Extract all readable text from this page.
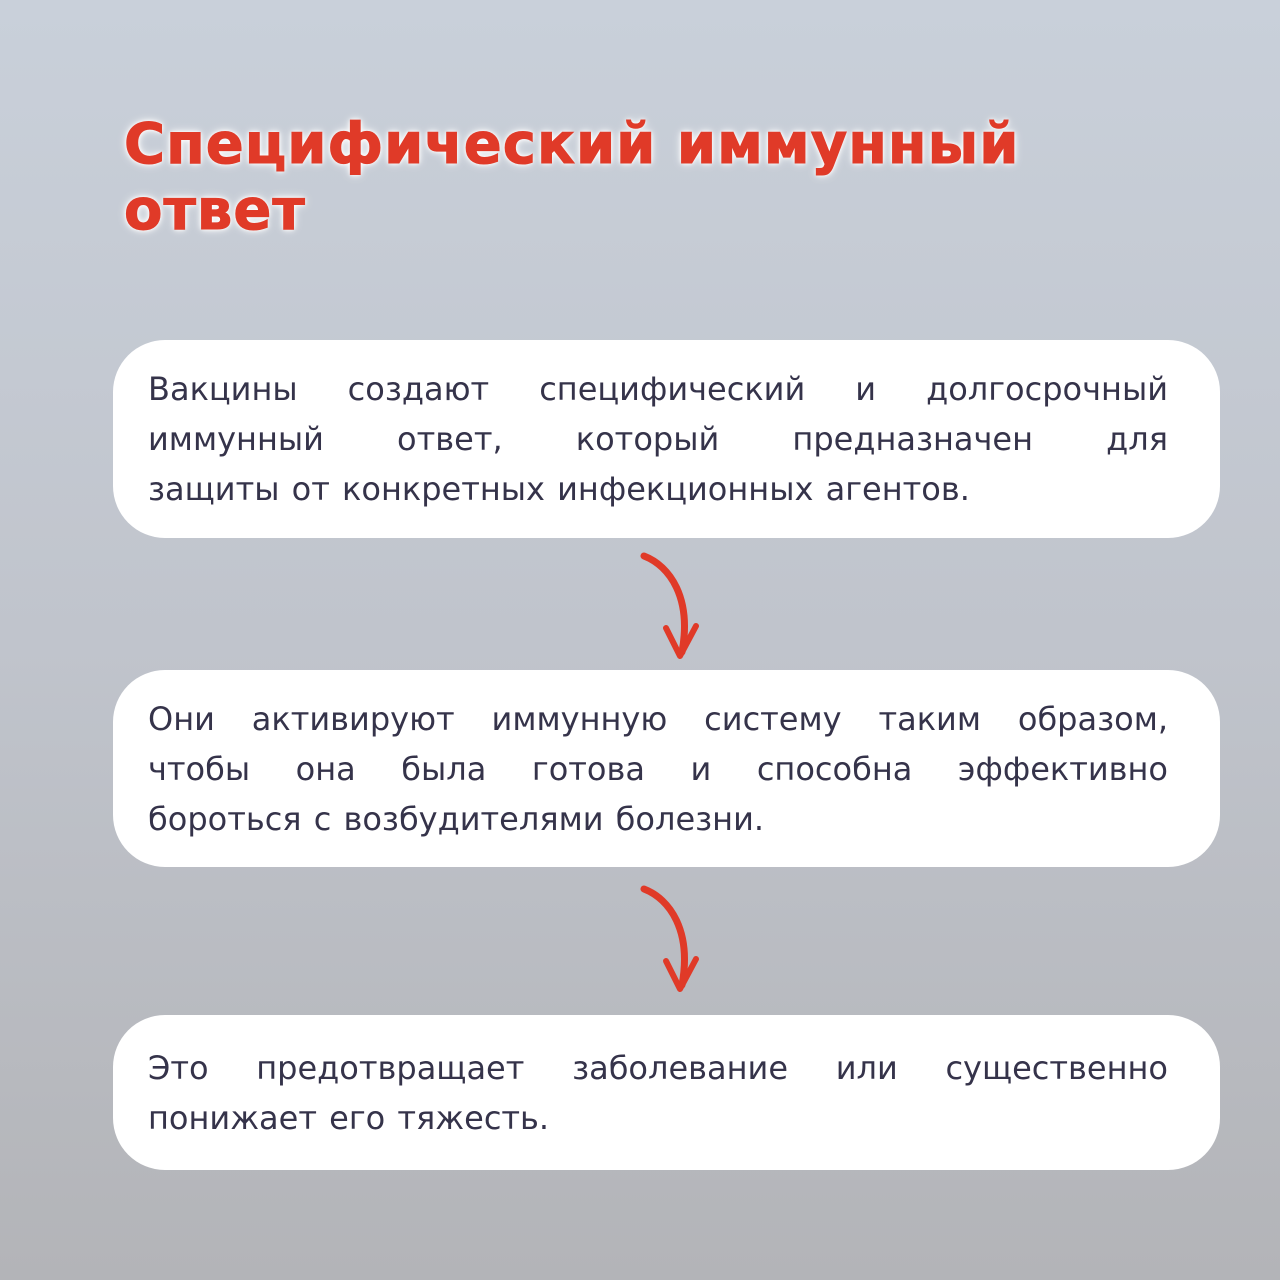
Специфический иммунный
ответ
Вакцины создают специфический и долгосрочный
иммунный ответ, который предназначен для
защиты от конкретных инфекционных агентов.
Они активируют иммунную систему таким образом,
чтобы она была готова и способна эффективно
бороться с возбудителями болезни.
Это предотвращает заболевание или существенно
понижает его тяжесть.
